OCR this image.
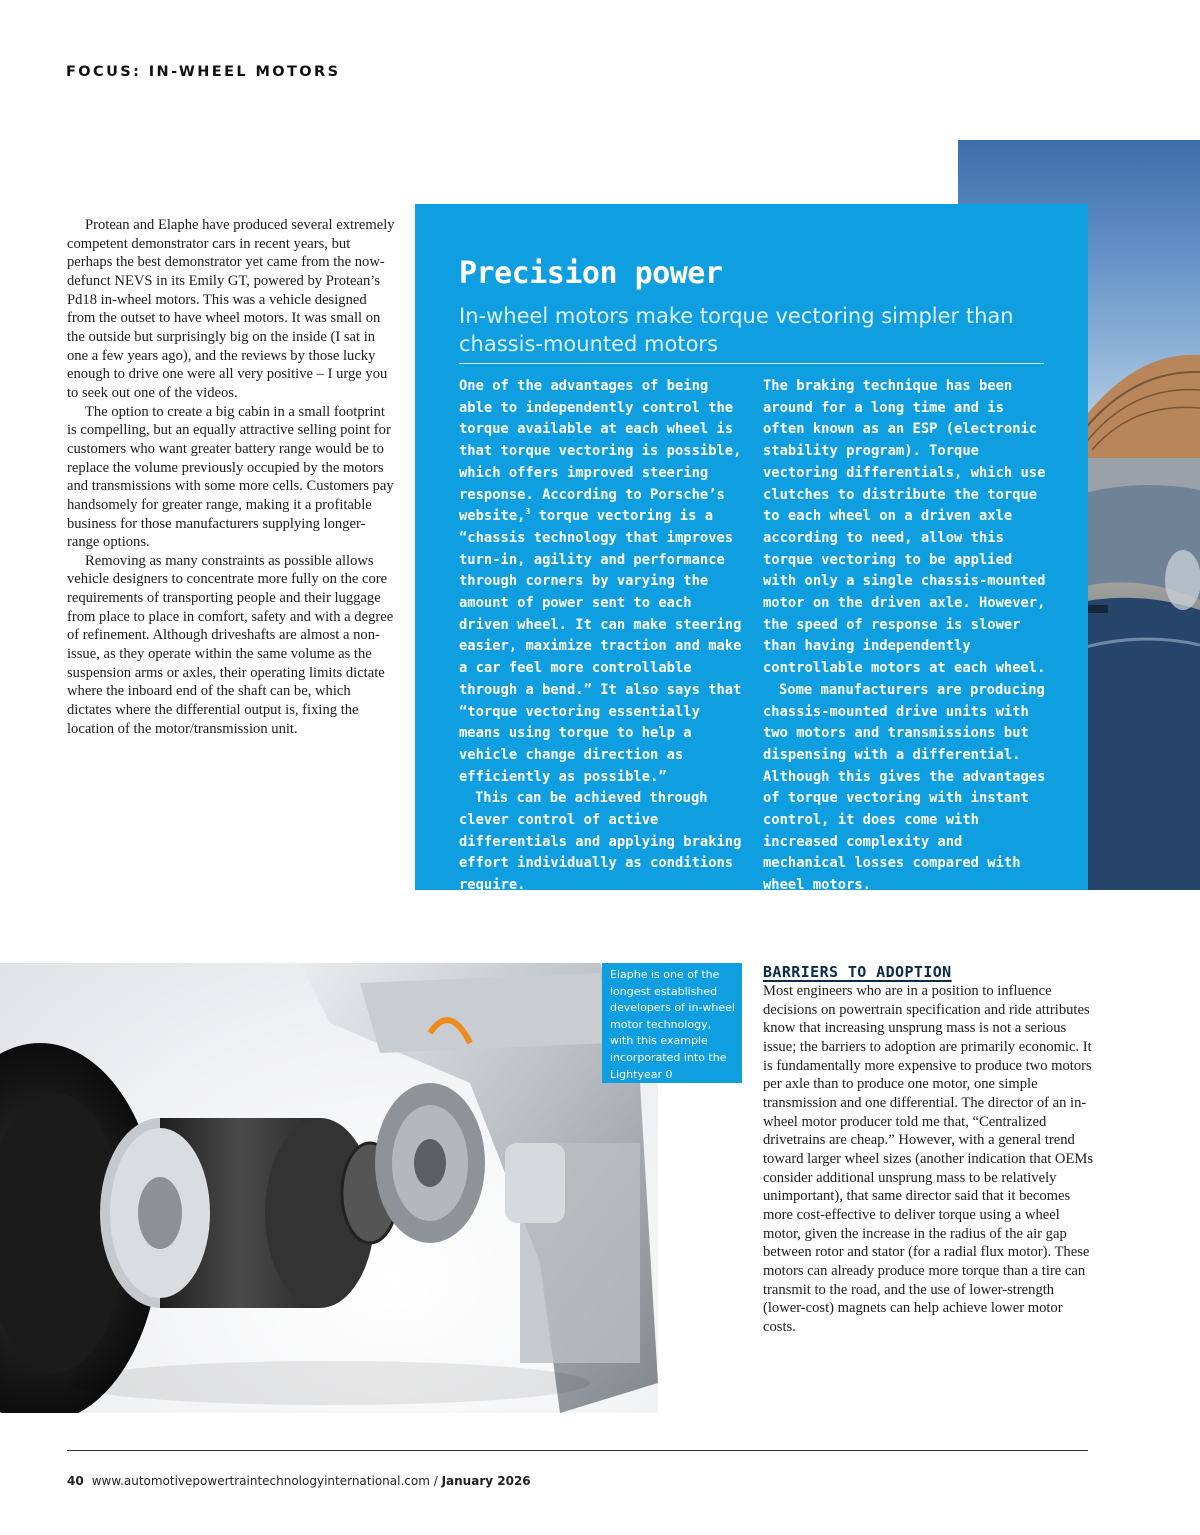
FOCUS: IN-WHEEL MOTORS

Protean and Elaphe have produced several extremely competent demonstrator cars in recent years, but perhaps the best demonstrator yet came from the now-defunct NEVS in its Emily GT, powered by Protean’s Pd18 in-wheel motors. This was a vehicle designed from the outset to have wheel motors. It was small on the outside but surprisingly big on the inside (I sat in one a few years ago), and the reviews by those lucky enough to drive one were all very positive – I urge you to seek out one of the videos.

The option to create a big cabin in a small footprint is compelling, but an equally attractive selling point for customers who want greater battery range would be to replace the volume previously occupied by the motors and transmissions with some more cells. Customers pay handsomely for greater range, making it a profitable business for those manufacturers supplying longer-range options.

Removing as many constraints as possible allows vehicle designers to concentrate more fully on the core requirements of transporting people and their luggage from place to place in comfort, safety and with a degree of refinement. Although driveshafts are almost a non-issue, as they operate within the same volume as the suspension arms or axles, their operating limits dictate where the inboard end of the shaft can be, which dictates where the differential output is, fixing the location of the motor/transmission unit.

Precision power

In-wheel motors make torque vectoring simpler than chassis-mounted motors

One of the advantages of being able to independently control the torque available at each wheel is that torque vectoring is possible, which offers improved steering response. According to Porsche’s website,$^3$ torque vectoring is a “chassis technology that improves turn-in, agility and performance through corners by varying the amount of power sent to each driven wheel. It can make steering easier, maximize traction and make a car feel more controllable through a bend.” It also says that “torque vectoring essentially means using torque to help a vehicle change direction as efficiently as possible.”

This can be achieved through clever control of active differentials and applying braking effort individually as conditions require.

The braking technique has been around for a long time and is often known as an ESP (electronic stability program). Torque vectoring differentials, which use clutches to distribute the torque to each wheel on a driven axle according to need, allow this torque vectoring to be applied with only a single chassis-mounted motor on the driven axle. However, the speed of response is slower than having independently controllable motors at each wheel.

Some manufacturers are producing chassis-mounted drive units with two motors and transmissions but dispensing with a differential. Although this gives the advantages of torque vectoring with instant control, it does come with increased complexity and mechanical losses compared with wheel motors.

Elaphe is one of the longest established developers of in-wheel motor technology, with this example incorporated into the Lightyear 0
BARRIERS TO ADOPTION

Most engineers who are in a position to influence decisions on powertrain specification and ride attributes know that increasing unsprung mass is not a serious issue; the barriers to adoption are primarily economic. It is fundamentally more expensive to produce two motors per axle than to produce one motor, one simple transmission and one differential. The director of an in-wheel motor producer told me that, “Centralized drivetrains are cheap.” However, with a general trend toward larger wheel sizes (another indication that OEMs consider additional unsprung mass to be relatively unimportant), that same director said that it becomes more cost-effective to deliver torque using a wheel motor, given the increase in the radius of the air gap between rotor and stator (for a radial flux motor). These motors can already produce more torque than a tire can transmit to the road, and the use of lower-strength (lower-cost) magnets can help achieve lower motor costs.

40 www.automotivepowertraintechnologyinternational.com / January 2026
